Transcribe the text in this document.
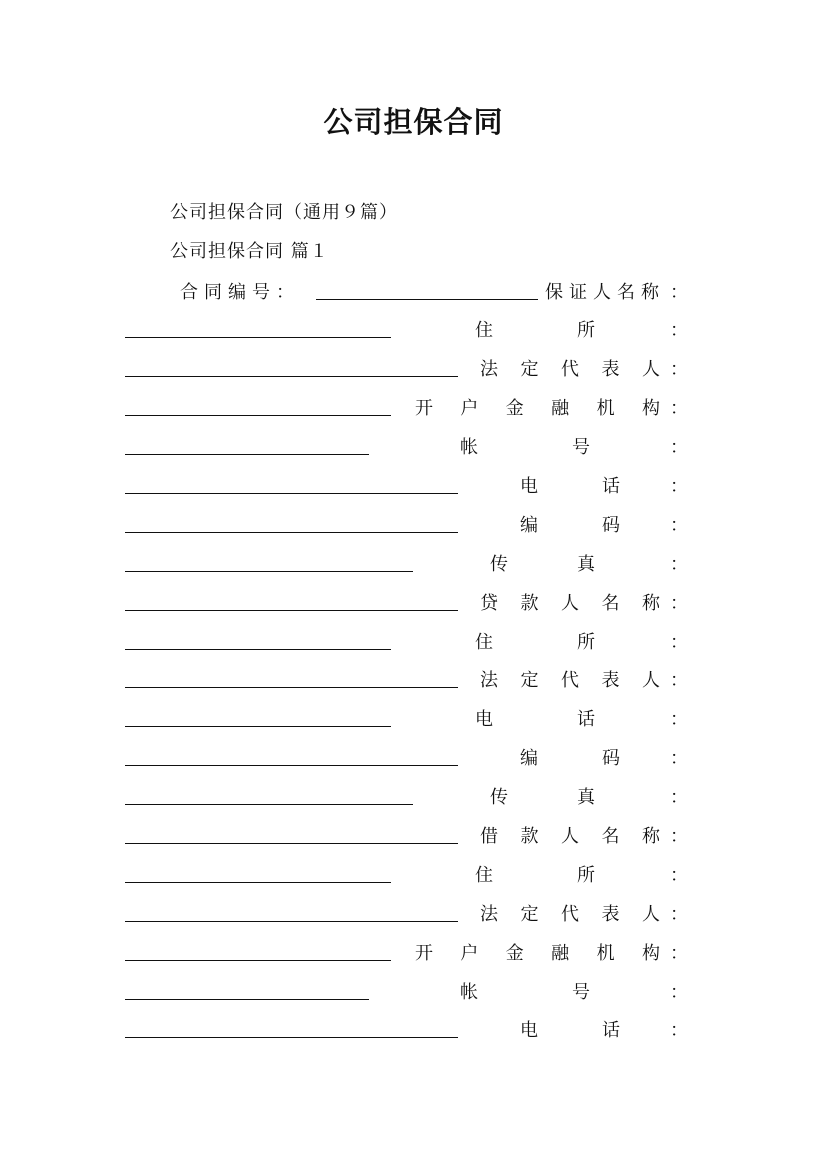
公司担保合同
公司担保合同（通用９篇）
公司担保合同 篇１
合同编号：	保证人名称 ：
住	所	：
法 定 代 表 人 ：
开 户 金 融 机 构 ：
帐	号	：
电	话	：
编	码	：
传	真	：
贷 款 人 名 称 ：
住	所	：
法 定 代 表 人 ：
电	话	：
编	码	：
传	真	：
借 款 人 名 称 ：
住	所	：
法 定 代 表 人 ：
开 户 金 融 机 构 ：
帐	号	：
电	话	：
